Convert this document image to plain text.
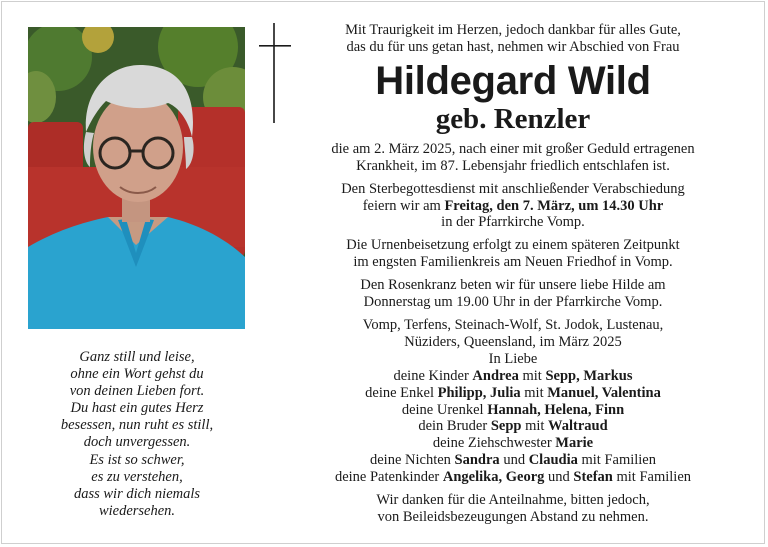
Ganz still und leise,
ohne ein Wort gehst du
von deinen Lieben fort.
Du hast ein gutes Herz
besessen, nun ruht es still,
doch unvergessen.
Es ist so schwer,
es zu verstehen,
dass wir dich niemals
wiedersehen.
Mit Traurigkeit im Herzen, jedoch dankbar für alles Gute,
das du für uns getan hast, nehmen wir Abschied von Frau
Hildegard Wild
geb. Renzler
die am 2. März 2025, nach einer mit großer Geduld ertragenen
Krankheit, im 87. Lebensjahr friedlich entschlafen ist.
Den Sterbegottesdienst mit anschließender Verabschiedung
feiern wir am Freitag, den 7. März, um 14.30 Uhr
in der Pfarrkirche Vomp.
Die Urnenbeisetzung erfolgt zu einem späteren Zeitpunkt
im engsten Familienkreis am Neuen Friedhof in Vomp.
Den Rosenkranz beten wir für unsere liebe Hilde am
Donnerstag um 19.00 Uhr in der Pfarrkirche Vomp.
Vomp, Terfens, Steinach-Wolf, St. Jodok, Lustenau,
Nüziders, Queensland, im März 2025
In Liebe
deine Kinder Andrea mit Sepp, Markus
deine Enkel Philipp, Julia mit Manuel, Valentina
deine Urenkel Hannah, Helena, Finn
dein Bruder Sepp mit Waltraud
deine Ziehschwester Marie
deine Nichten Sandra und Claudia mit Familien
deine Patenkinder Angelika, Georg und Stefan mit Familien
Wir danken für die Anteilnahme, bitten jedoch,
von Beileidsbezeugungen Abstand zu nehmen.
